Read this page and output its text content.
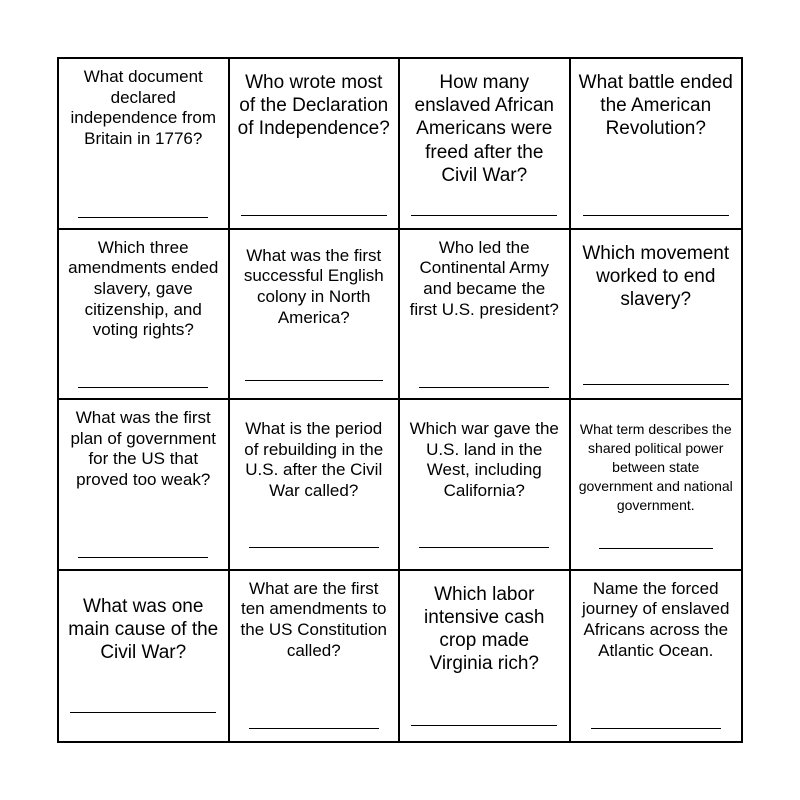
What document declared independence from Britain in 1776?
Who wrote most of the Declaration of Independence?
How many enslaved African Americans were freed after the Civil War?
What battle ended the American Revolution?
Which three amendments ended slavery, gave citizenship, and voting rights?
What was the first successful English colony in North America?
Who led the Continental Army and became the first U.S. president?
Which movement worked to end slavery?
What was the first plan of government for the US that proved too weak?
What is the period of rebuilding in the U.S. after the Civil War called?
Which war gave the U.S. land in the West, including California?
What term describes the shared political power between state government and national government.
What was one main cause of the Civil War?
What are the first ten amendments to the US Constitution called?
Which labor intensive cash crop made Virginia rich?
Name the forced journey of enslaved Africans across the Atlantic Ocean.
